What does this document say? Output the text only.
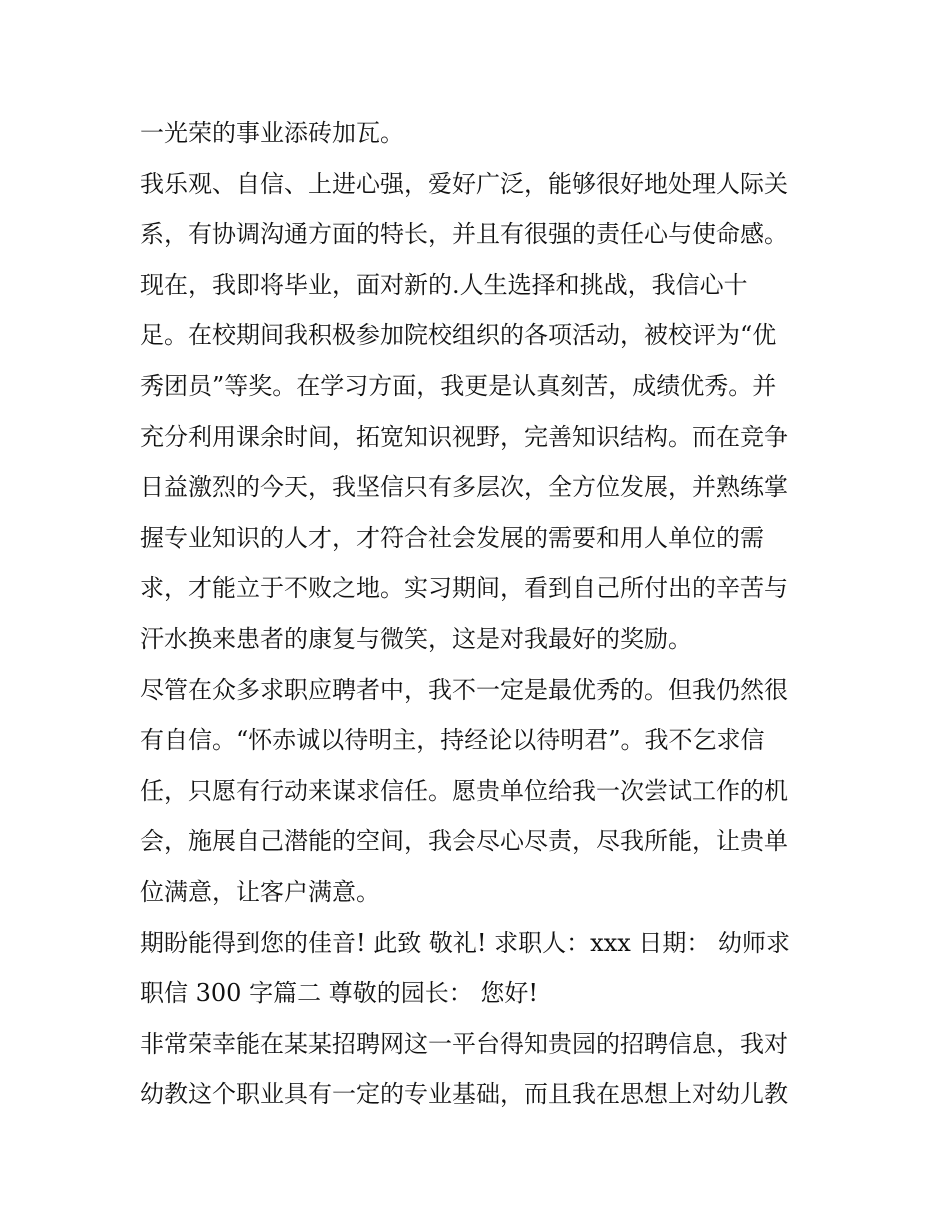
一光荣的事业添砖加瓦。
我乐观、自信、上进心强，爱好广泛，能够很好地处理人际关
系，有协调沟通方面的特长，并且有很强的责任心与使命感。
现在，我即将毕业，面对新的.人生选择和挑战，我信心十
足。在校期间我积极参加院校组织的各项活动，被校评为“优
秀团员”等奖。在学习方面，我更是认真刻苦，成绩优秀。并
充分利用课余时间，拓宽知识视野，完善知识结构。而在竞争
日益激烈的今天，我坚信只有多层次，全方位发展，并熟练掌
握专业知识的人才，才符合社会发展的需要和用人单位的需
求，才能立于不败之地。实习期间，看到自己所付出的辛苦与
汗水换来患者的康复与微笑，这是对我最好的奖励。
尽管在众多求职应聘者中，我不一定是最优秀的。但我仍然很
有自信。“怀赤诚以待明主，持经论以待明君”。我不乞求信
任，只愿有行动来谋求信任。愿贵单位给我一次尝试工作的机
会，施展自己潜能的空间，我会尽心尽责，尽我所能，让贵单
位满意，让客户满意。
期盼能得到您的佳音! 此致 敬礼! 求职人：xxx 日期： 幼师求
职信 300 字篇二 尊敬的园长： 您好!
非常荣幸能在某某招聘网这一平台得知贵园的招聘信息，我对
幼教这个职业具有一定的专业基础，而且我在思想上对幼儿教
